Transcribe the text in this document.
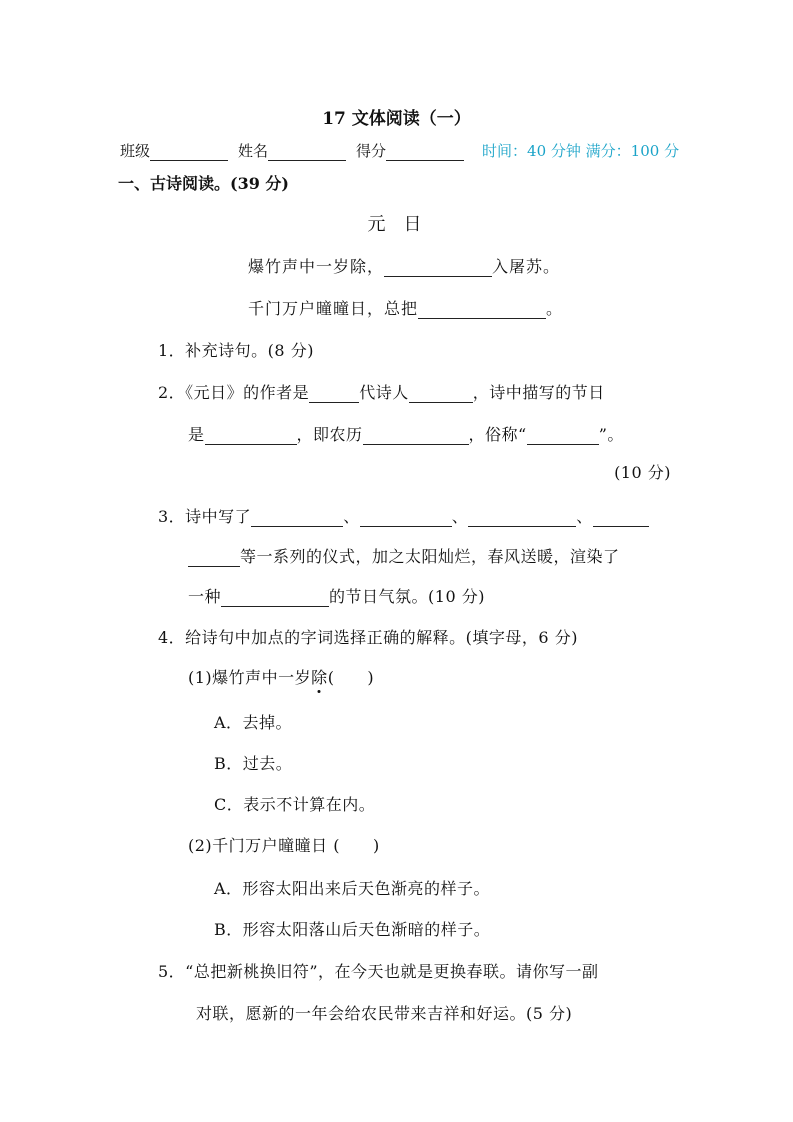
17 文体阅读（一）
班级	姓名	得分	时间：40 分钟 满分：100 分
一、古诗阅读。(39 分)
元 日
爆竹声中一岁除，	入屠苏。
千门万户曈曈日，总把	。
1．补充诗句。(8 分)
2．《元日》的作者是	代诗人	，诗中描写的节日
是	，即农历	，俗称“	”。
(10 分)
3．诗中写了	、	、	、
等一系列的仪式，加之太阳灿烂，春风送暖，渲染了
一种	的节日气氛。(10 分)
4．给诗句中加点的字词选择正确的解释。(填字母，6 分)
(1)爆竹声中一岁除(　　)
A．去掉。
B．过去。
C．表示不计算在内。
(2)千门万户曈曈日 (　　)
A．形容太阳出来后天色渐亮的样子。
B．形容太阳落山后天色渐暗的样子。
5．“总把新桃换旧符”，在今天也就是更换春联。请你写一副
对联，愿新的一年会给农民带来吉祥和好运。(5 分)
